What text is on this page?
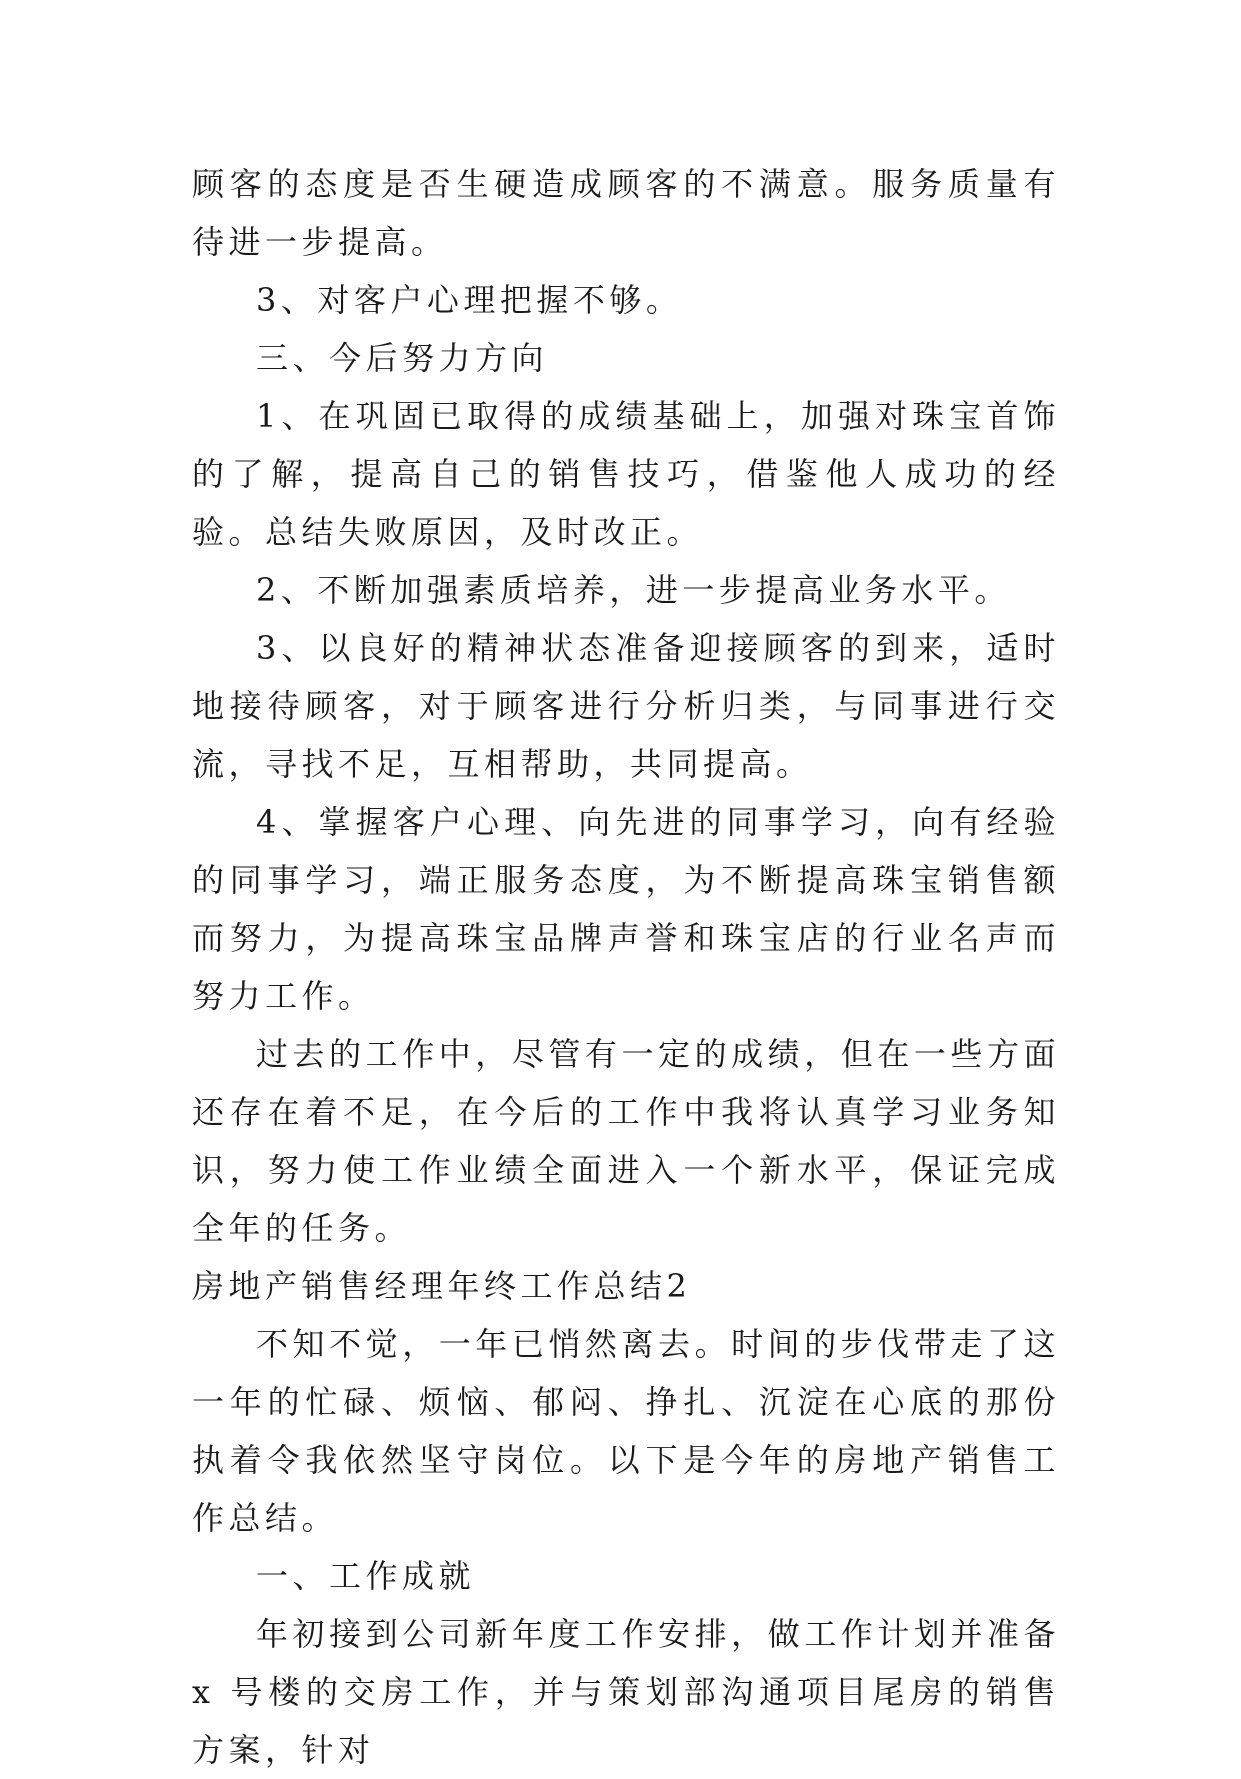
顾客的态度是否生硬造成顾客的不满意。服务质量有待进一步提高。

3、对客户心理把握不够。

三、今后努力方向

1、在巩固已取得的成绩基础上，加强对珠宝首饰的了解，提高自己的销售技巧，借鉴他人成功的经验。总结失败原因，及时改正。

2、不断加强素质培养，进一步提高业务水平。

3、以良好的精神状态准备迎接顾客的到来，适时地接待顾客，对于顾客进行分析归类，与同事进行交流，寻找不足，互相帮助，共同提高。

4、掌握客户心理、向先进的同事学习，向有经验的同事学习，端正服务态度，为不断提高珠宝销售额而努力，为提高珠宝品牌声誉和珠宝店的行业名声而努力工作。

过去的工作中，尽管有一定的成绩，但在一些方面还存在着不足，在今后的工作中我将认真学习业务知识，努力使工作业绩全面进入一个新水平，保证完成全年的任务。

房地产销售经理年终工作总结2

不知不觉，一年已悄然离去。时间的步伐带走了这一年的忙碌、烦恼、郁闷、挣扎、沉淀在心底的那份执着令我依然坚守岗位。以下是今年的房地产销售工作总结。

一、工作成就

年初接到公司新年度工作安排，做工作计划并准备 x 号楼的交房工作，并与策划部沟通项目尾房的销售方案，针对
